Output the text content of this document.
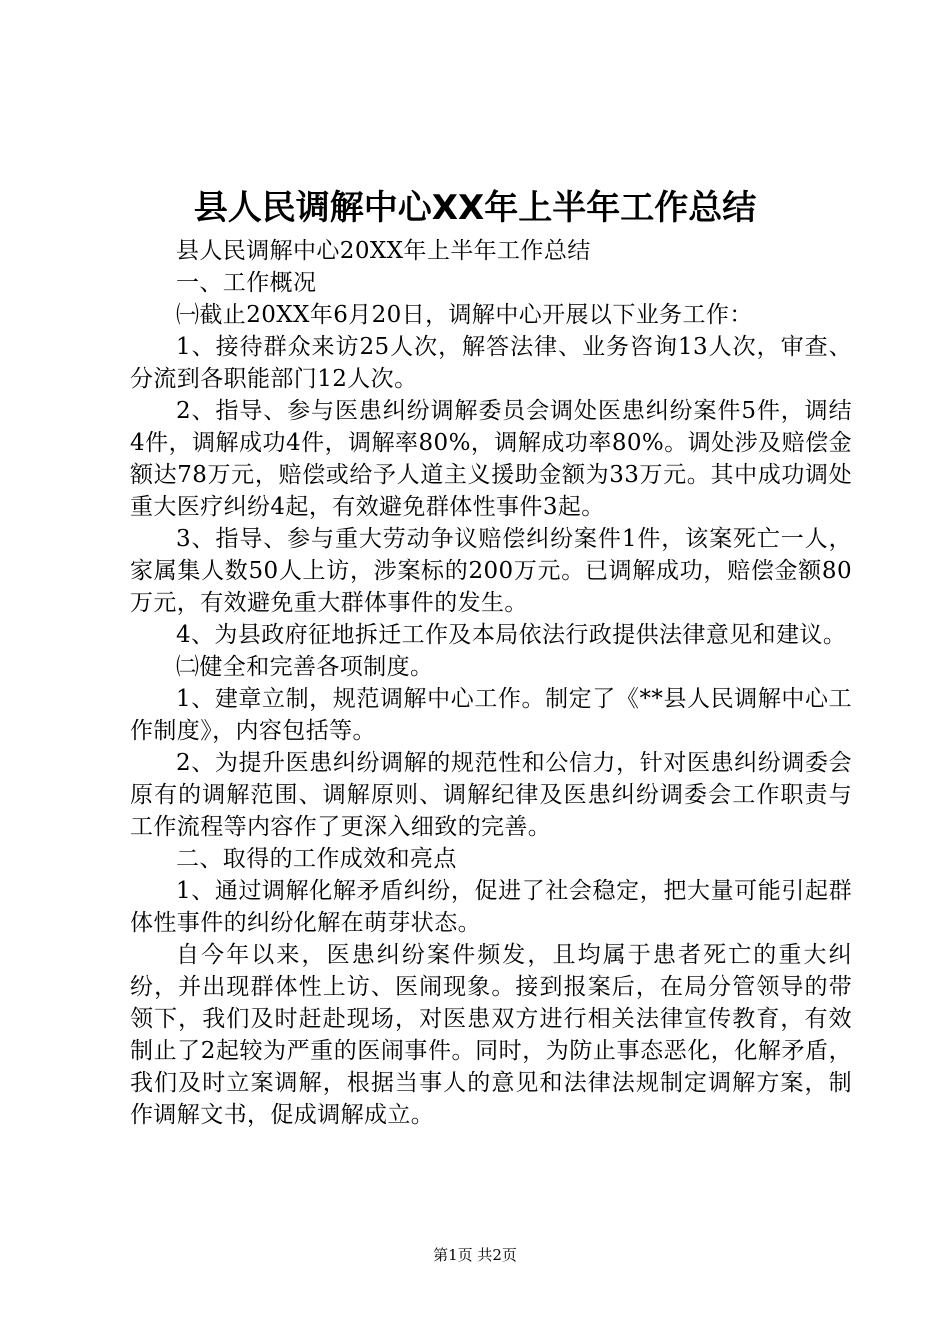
县人民调解中心XX年上半年工作总结

县人民调解中心20XX年上半年工作总结

一、工作概况

㈠截止20XX年6月20日，调解中心开展以下业务工作：

1、接待群众来访25人次，解答法律、业务咨询13人次，审查、分流到各职能部门12人次。

2、指导、参与医患纠纷调解委员会调处医患纠纷案件5件，调结4件，调解成功4件，调解率80%，调解成功率80%。调处涉及赔偿金额达78万元，赔偿或给予人道主义援助金额为33万元。其中成功调处重大医疗纠纷4起，有效避免群体性事件3起。

3、指导、参与重大劳动争议赔偿纠纷案件1件，该案死亡一人，家属集人数50人上访，涉案标的200万元。已调解成功，赔偿金额80万元，有效避免重大群体事件的发生。

4、为县政府征地拆迁工作及本局依法行政提供法律意见和建议。

㈡健全和完善各项制度。

1、建章立制，规范调解中心工作。制定了《**县人民调解中心工作制度》，内容包括等。

2、为提升医患纠纷调解的规范性和公信力，针对医患纠纷调委会原有的调解范围、调解原则、调解纪律及医患纠纷调委会工作职责与工作流程等内容作了更深入细致的完善。

二、取得的工作成效和亮点

1、通过调解化解矛盾纠纷，促进了社会稳定，把大量可能引起群体性事件的纠纷化解在萌芽状态。

自今年以来，医患纠纷案件频发，且均属于患者死亡的重大纠纷，并出现群体性上访、医闹现象。接到报案后，在局分管领导的带领下，我们及时赶赴现场，对医患双方进行相关法律宣传教育，有效制止了2起较为严重的医闹事件。同时，为防止事态恶化，化解矛盾，我们及时立案调解，根据当事人的意见和法律法规制定调解方案，制作调解文书，促成调解成立。

第1页 共2页
